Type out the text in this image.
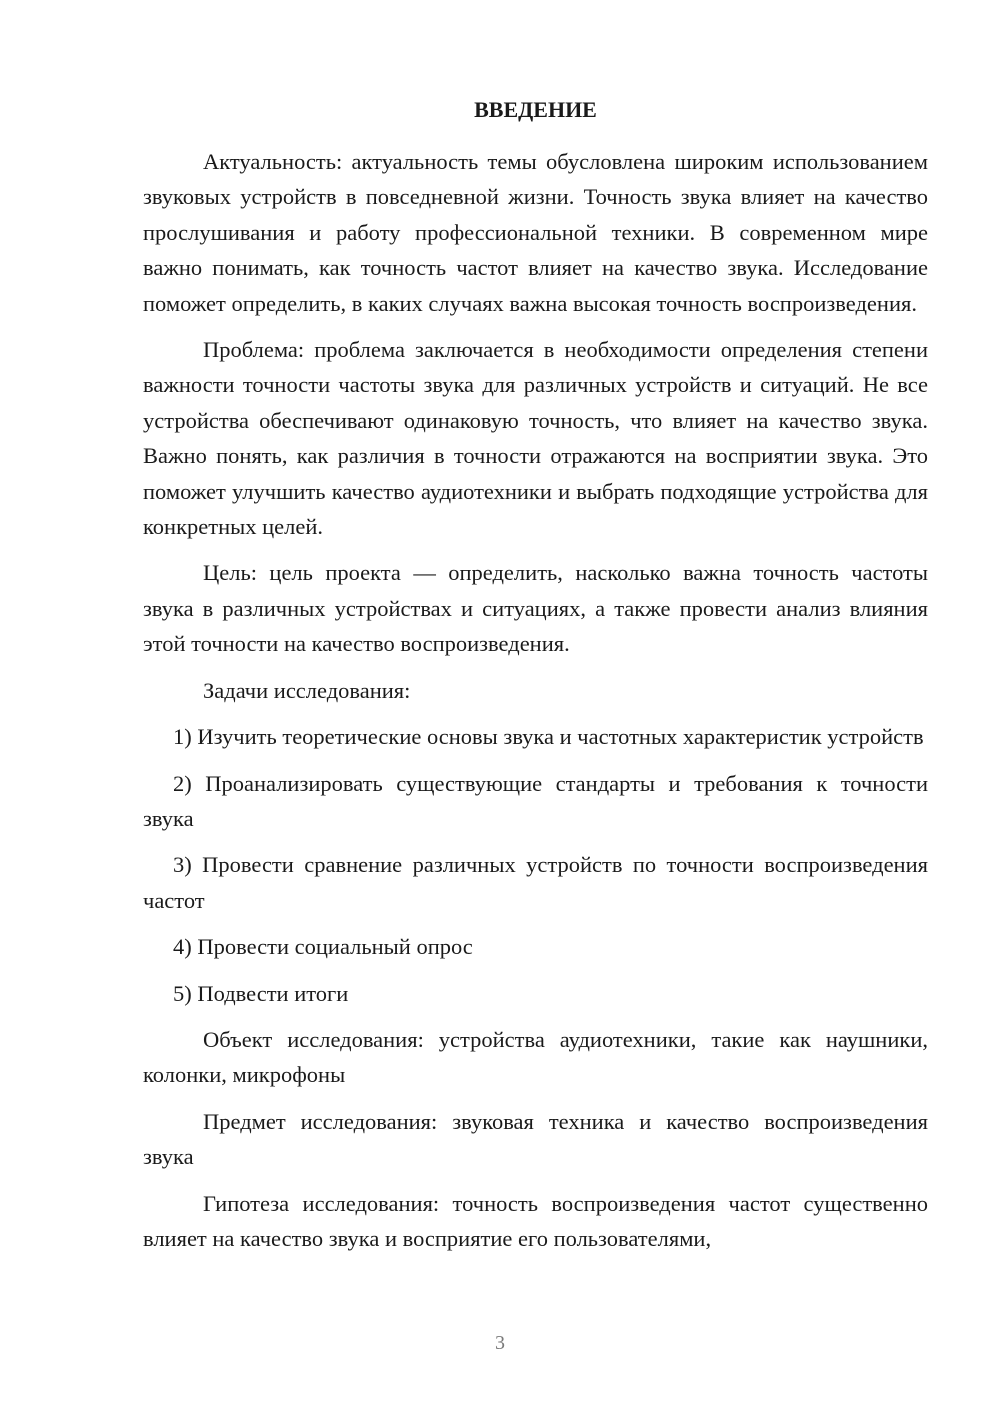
ВВЕДЕНИЕ

Актуальность: актуальность темы обусловлена широким использованием звуковых устройств в повседневной жизни. Точность звука влияет на качество прослушивания и работу профессиональной техники. В современном мире важно понимать, как точность частот влияет на качество звука. Исследование поможет определить, в каких случаях важна высокая точность воспроизведения.

Проблема: проблема заключается в необходимости определения степени важности точности частоты звука для различных устройств и ситуаций. Не все устройства обеспечивают одинаковую точность, что влияет на качество звука. Важно понять, как различия в точности отражаются на восприятии звука. Это поможет улучшить качество аудиотехники и выбрать подходящие устройства для конкретных целей.

Цель: цель проекта — определить, насколько важна точность частоты звука в различных устройствах и ситуациях, а также провести анализ влияния этой точности на качество воспроизведения.

Задачи исследования:

1) Изучить теоретические основы звука и частотных характеристик устройств

2) Проанализировать существующие стандарты и требования к точности звука

3) Провести сравнение различных устройств по точности воспроизведения частот

4) Провести социальный опрос

5) Подвести итоги

Объект исследования: устройства аудиотехники, такие как наушники, колонки, микрофоны

Предмет исследования: звуковая техника и качество воспроизведения звука

Гипотеза исследования: точность воспроизведения частот существенно влияет на качество звука и восприятие его пользователями,

3
